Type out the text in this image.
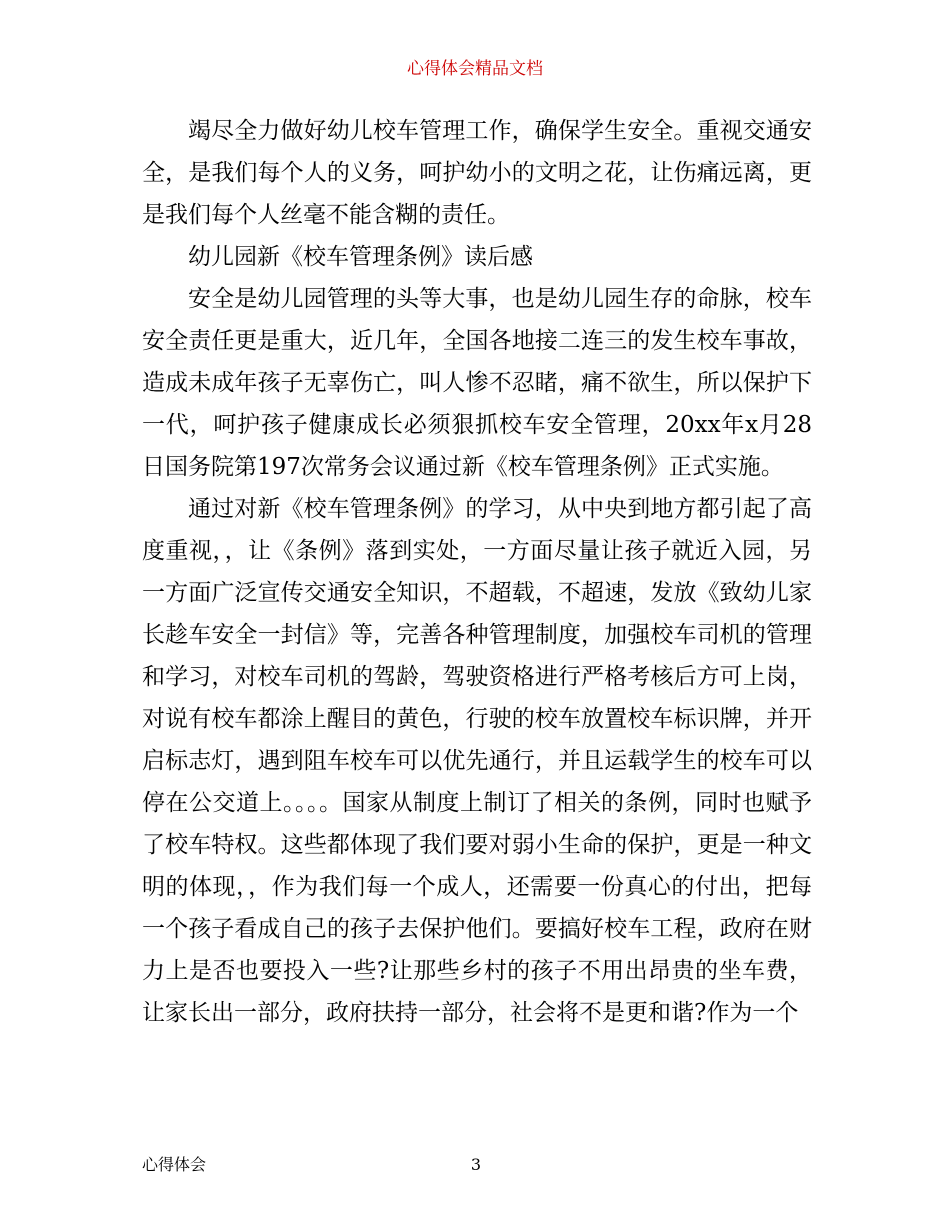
心得体会精品文档

竭尽全力做好幼儿校车管理工作，确保学生安全。重视交通安全，是我们每个人的义务，呵护幼小的文明之花，让伤痛远离，更是我们每个人丝毫不能含糊的责任。

幼儿园新《校车管理条例》读后感

安全是幼儿园管理的头等大事，也是幼儿园生存的命脉，校车安全责任更是重大，近几年，全国各地接二连三的发生校车事故，造成未成年孩子无辜伤亡，叫人惨不忍睹，痛不欲生，所以保护下一代，呵护孩子健康成长必须狠抓校车安全管理，20xx年x月28日国务院第197次常务会议通过新《校车管理条例》正式实施。

通过对新《校车管理条例》的学习，从中央到地方都引起了高度重视，，让《条例》落到实处，一方面尽量让孩子就近入园，另一方面广泛宣传交通安全知识，不超载，不超速，发放《致幼儿家长趁车安全一封信》等，完善各种管理制度，加强校车司机的管理和学习，对校车司机的驾龄，驾驶资格进行严格考核后方可上岗，对说有校车都涂上醒目的黄色，行驶的校车放置校车标识牌，并开启标志灯，遇到阻车校车可以优先通行，并且运载学生的校车可以停在公交道上。。。。国家从制度上制订了相关的条例，同时也赋予了校车特权。这些都体现了我们要对弱小生命的保护，更是一种文明的体现，，作为我们每一个成人，还需要一份真心的付出，把每一个孩子看成自己的孩子去保护他们。要搞好校车工程，政府在财力上是否也要投入一些?让那些乡村的孩子不用出昂贵的坐车费，让家长出一部分，政府扶持一部分，社会将不是更和谐?作为一个

心得体会	3
